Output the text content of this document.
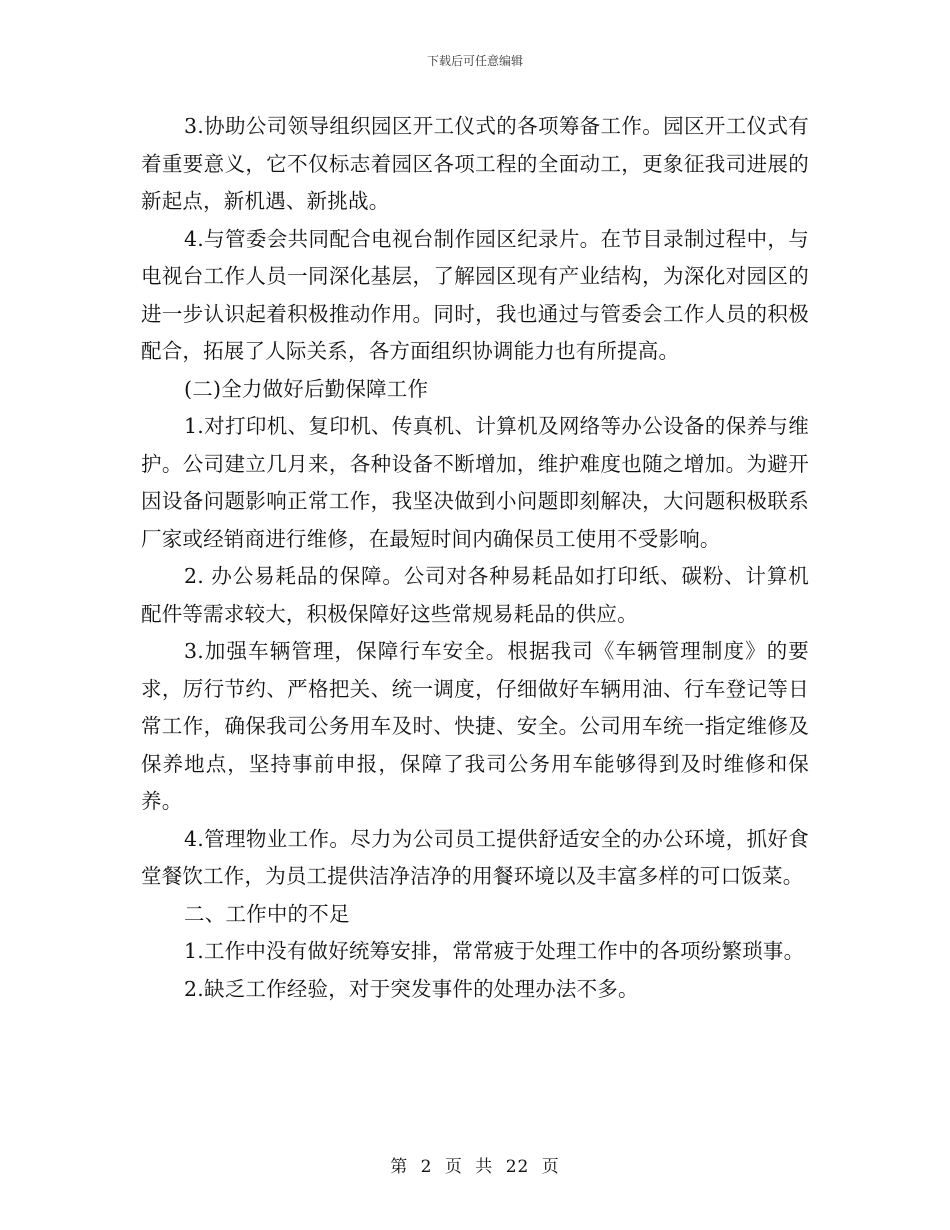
下载后可任意编辑

3.协助公司领导组织园区开工仪式的各项筹备工作。园区开工仪式有着重要意义，它不仅标志着园区各项工程的全面动工，更象征我司进展的新起点，新机遇、新挑战。

4.与管委会共同配合电视台制作园区纪录片。在节目录制过程中，与电视台工作人员一同深化基层，了解园区现有产业结构，为深化对园区的进一步认识起着积极推动作用。同时，我也通过与管委会工作人员的积极配合，拓展了人际关系，各方面组织协调能力也有所提高。

(二)全力做好后勤保障工作

1.对打印机、复印机、传真机、计算机及网络等办公设备的保养与维护。公司建立几月来，各种设备不断增加，维护难度也随之增加。为避开因设备问题影响正常工作，我坚决做到小问题即刻解决，大问题积极联系厂家或经销商进行维修，在最短时间内确保员工使用不受影响。

2. 办公易耗品的保障。公司对各种易耗品如打印纸、碳粉、计算机配件等需求较大，积极保障好这些常规易耗品的供应。

3.加强车辆管理，保障行车安全。根据我司《车辆管理制度》的要求，厉行节约、严格把关、统一调度，仔细做好车辆用油、行车登记等日常工作，确保我司公务用车及时、快捷、安全。公司用车统一指定维修及保养地点，坚持事前申报，保障了我司公务用车能够得到及时维修和保养。

4.管理物业工作。尽力为公司员工提供舒适安全的办公环境，抓好食堂餐饮工作，为员工提供洁净洁净的用餐环境以及丰富多样的可口饭菜。

二、工作中的不足

1.工作中没有做好统筹安排，常常疲于处理工作中的各项纷繁琐事。

2.缺乏工作经验，对于突发事件的处理办法不多。

第 2 页 共 22 页
